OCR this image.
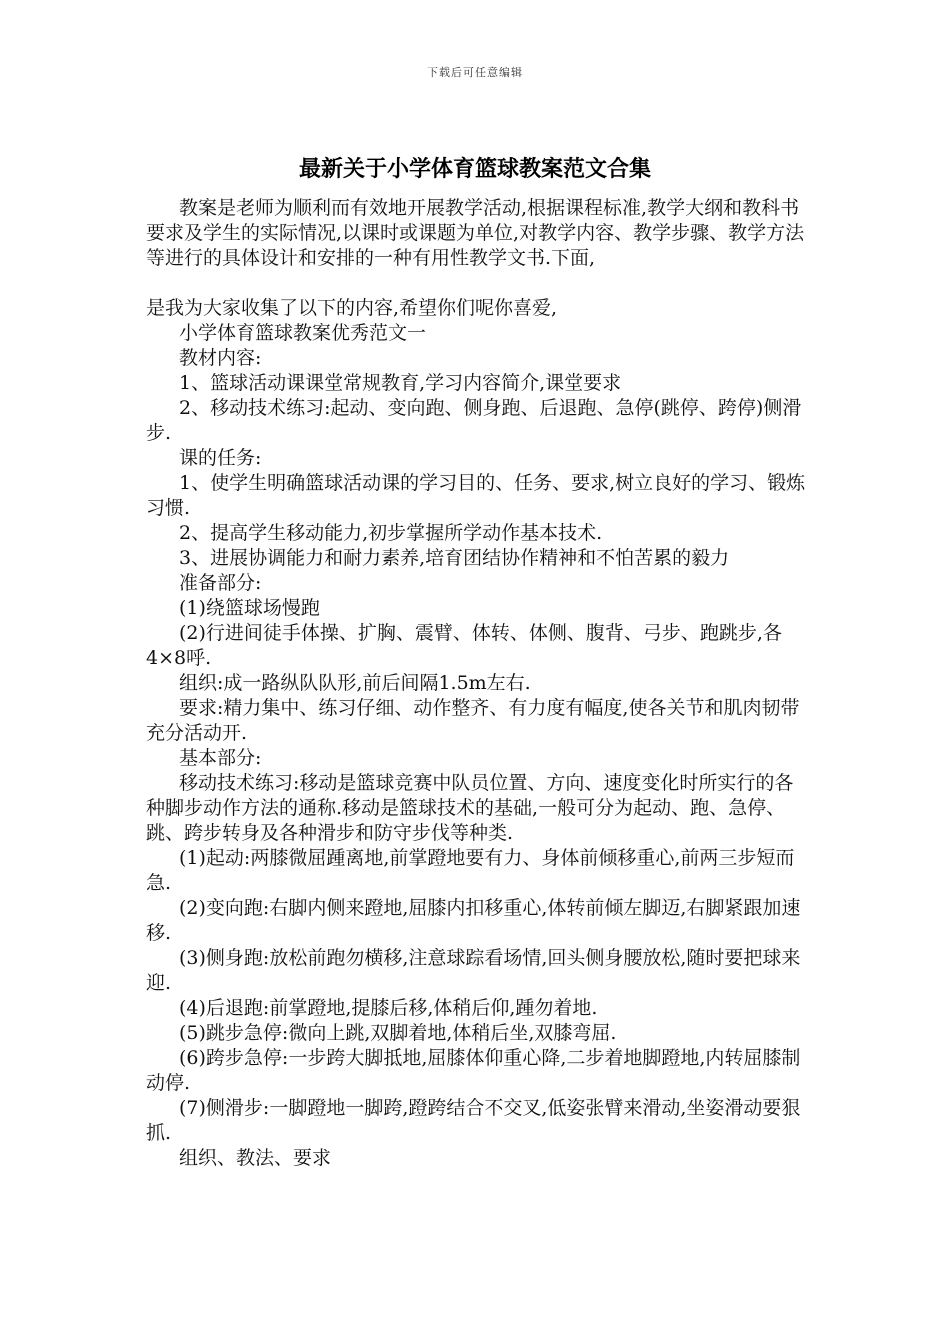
下载后可任意编辑
最新关于小学体育篮球教案范文合集

教案是老师为顺利而有效地开展教学活动,根据课程标准,教学大纲和教科书要求及学生的实际情况,以课时或课题为单位,对教学内容、教学步骤、教学方法等进行的具体设计和安排的一种有用性教学文书.下面,

是我为大家收集了以下的内容,希望你们呢你喜爱,

小学体育篮球教案优秀范文一

教材内容:

1、篮球活动课课堂常规教育,学习内容简介,课堂要求

2、移动技术练习:起动、变向跑、侧身跑、后退跑、急停(跳停、跨停)侧滑步.

课的任务:

1、使学生明确篮球活动课的学习目的、任务、要求,树立良好的学习、锻炼习惯.

2、提高学生移动能力,初步掌握所学动作基本技术.

3、进展协调能力和耐力素养,培育团结协作精神和不怕苦累的毅力

准备部分:

(1)绕篮球场慢跑

(2)行进间徒手体操、扩胸、震臂、体转、体侧、腹背、弓步、跑跳步,各4×8呼.

组织:成一路纵队队形,前后间隔1.5m左右.

要求:精力集中、练习仔细、动作整齐、有力度有幅度,使各关节和肌肉韧带充分活动开.

基本部分:

移动技术练习:移动是篮球竞赛中队员位置、方向、速度变化时所实行的各种脚步动作方法的通称.移动是篮球技术的基础,一般可分为起动、跑、急停、跳、跨步转身及各种滑步和防守步伐等种类.

(1)起动:两膝微屈踵离地,前掌蹬地要有力、身体前倾移重心,前两三步短而急.

(2)变向跑:右脚内侧来蹬地,屈膝内扣移重心,体转前倾左脚迈,右脚紧跟加速移.

(3)侧身跑:放松前跑勿横移,注意球踪看场情,回头侧身腰放松,随时要把球来迎.

(4)后退跑:前掌蹬地,提膝后移,体稍后仰,踵勿着地.

(5)跳步急停:微向上跳,双脚着地,体稍后坐,双膝弯屈.

(6)跨步急停:一步跨大脚抵地,屈膝体仰重心降,二步着地脚蹬地,内转屈膝制动停.

(7)侧滑步:一脚蹬地一脚跨,蹬跨结合不交叉,低姿张臂来滑动,坐姿滑动要狠抓.

组织、教法、要求
